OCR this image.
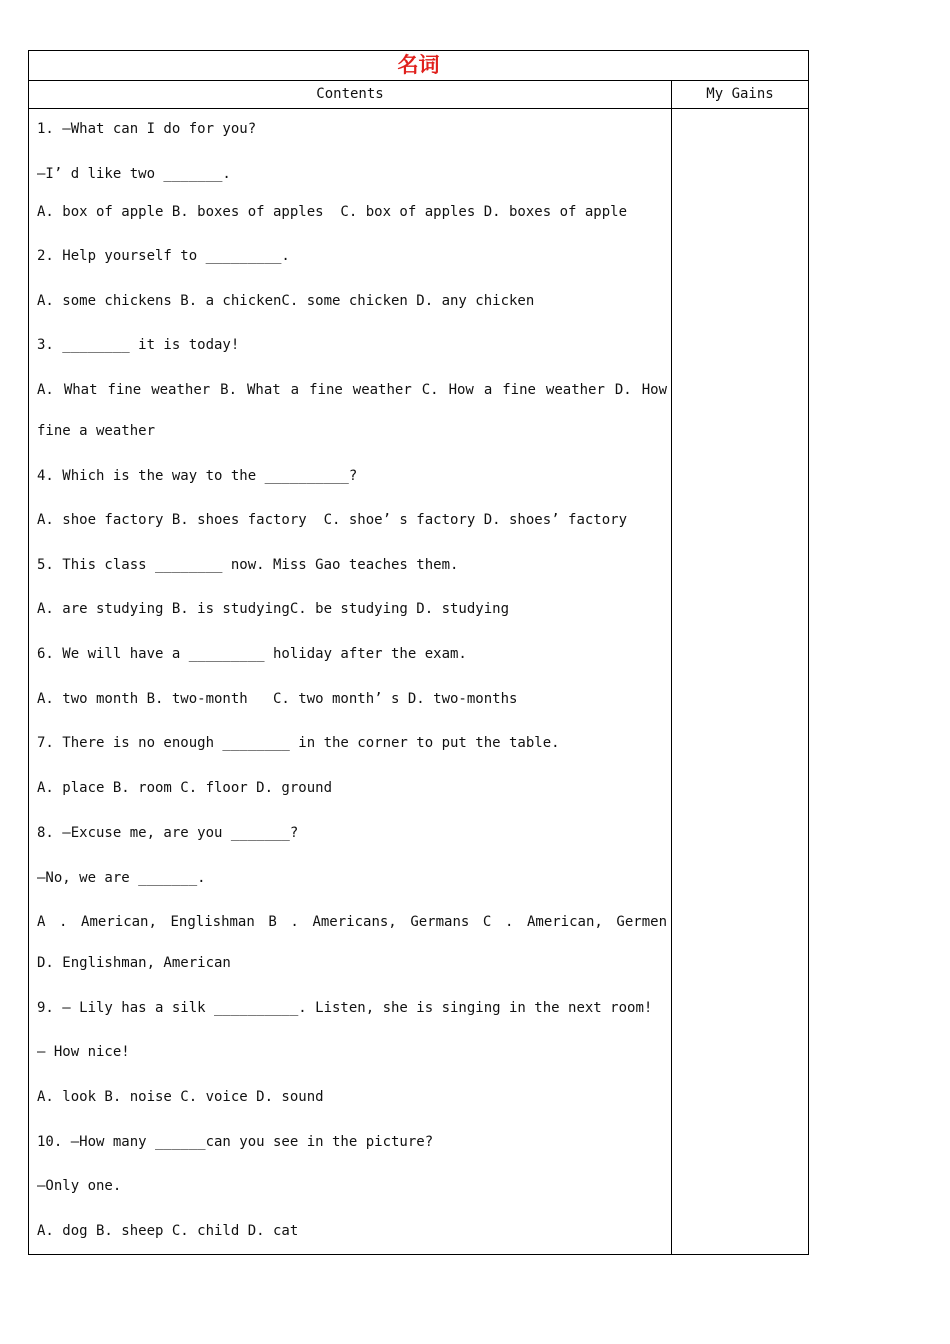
名词
Contents	My Gains
1. —What can I do for you?
—I’ d like two _______.
A. box of apple B. boxes of apples  C. box of apples D. boxes of apple
2. Help yourself to _________.
A. some chickens B. a chickenC. some chicken D. any chicken
3. ________ it is today!
A. What fine weather B. What a fine weather C. How a fine weather D. How
fine a weather
4. Which is the way to the __________?
A. shoe factory B. shoes factory  C. shoe’ s factory D. shoes’ factory
5. This class ________ now. Miss Gao teaches them.
A. are studying B. is studyingC. be studying D. studying
6. We will have a _________ holiday after the exam.
A. two month B. two-month   C. two month’ s D. two-months
7. There is no enough ________ in the corner to put the table.
A. place B. room C. floor D. ground
8. —Excuse me, are you _______?
—No, we are _______.
A . American, Englishman B . Americans, Germans C . American, Germen
D. Englishman, American
9. — Lily has a silk __________. Listen, she is singing in the next room!
— How nice!
A. look B. noise C. voice D. sound
10. —How many ______can you see in the picture?
—Only one.
A. dog B. sheep C. child D. cat
